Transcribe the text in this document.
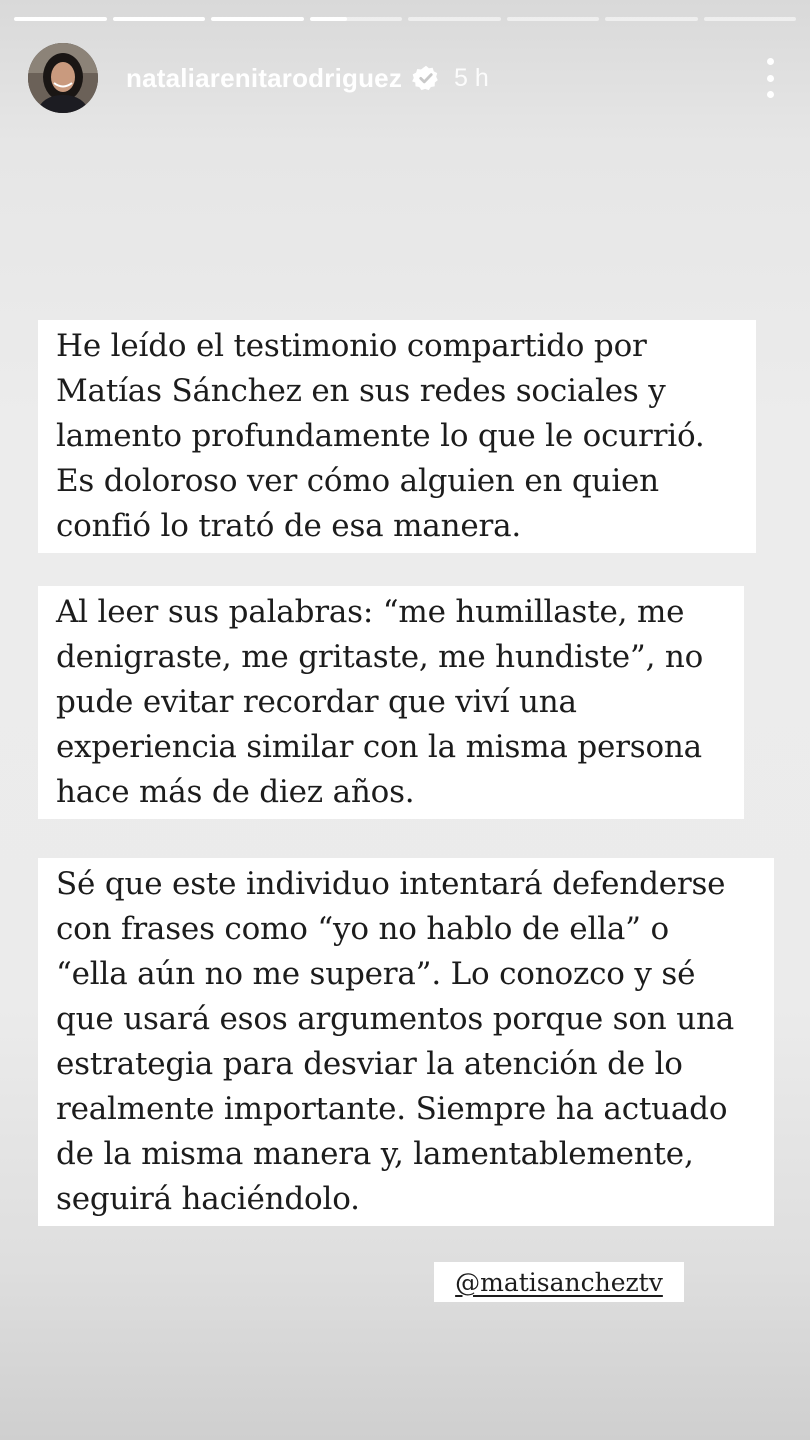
nataliarenitarodriguez 5 h
He leído el testimonio compartido por
Matías Sánchez en sus redes sociales y
lamento profundamente lo que le ocurrió.
Es doloroso ver cómo alguien en quien
confió lo trató de esa manera.
Al leer sus palabras: “me humillaste, me
denigraste, me gritaste, me hundiste”, no
pude evitar recordar que viví una
experiencia similar con la misma persona
hace más de diez años.
Sé que este individuo intentará defenderse
con frases como “yo no hablo de ella” o
“ella aún no me supera”. Lo conozco y sé
que usará esos argumentos porque son una
estrategia para desviar la atención de lo
realmente importante. Siempre ha actuado
de la misma manera y, lamentablemente,
seguirá haciéndolo.
@matisancheztv
